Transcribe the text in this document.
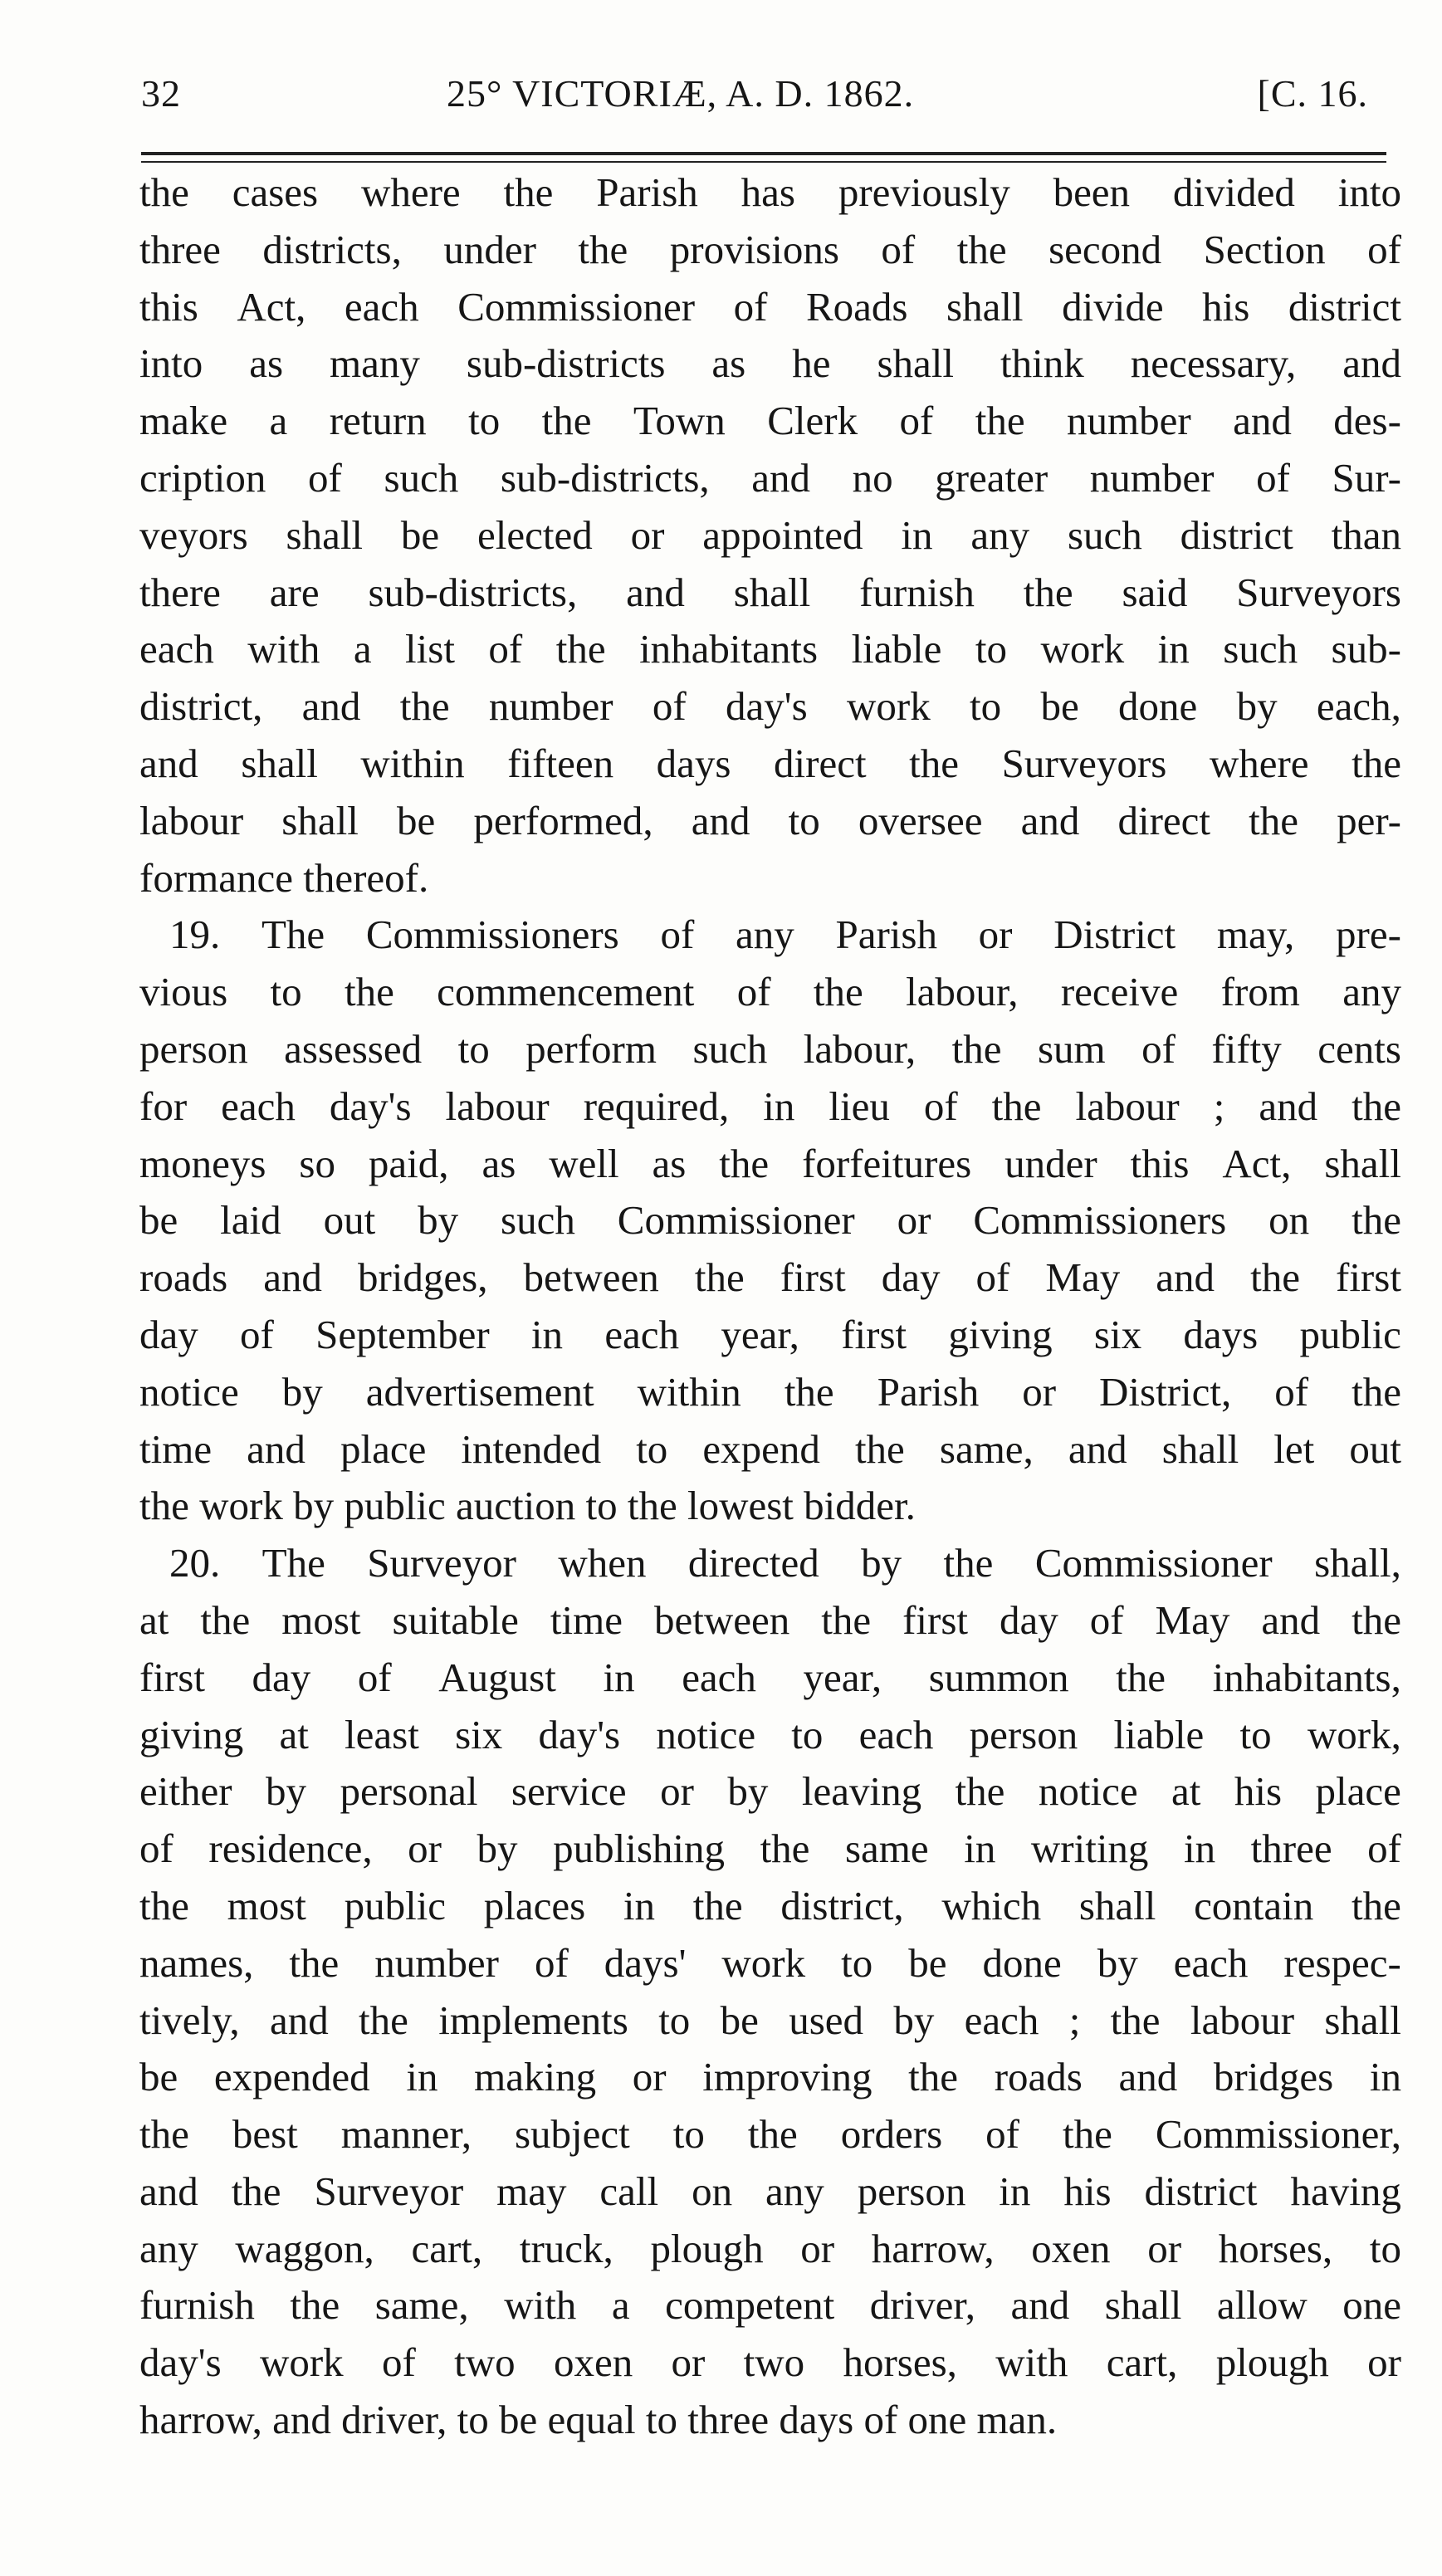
32	25° VICTORIÆ, A. D. 1862.	[C. 16.
the cases where the Parish has previously been divided into
three districts, under the provisions of the second Section of
this Act, each Commissioner of Roads shall divide his district
into as many sub-districts as he shall think necessary, and
make a return to the Town Clerk of the number and des-
cription of such sub-districts, and no greater number of Sur-
veyors shall be elected or appointed in any such district than
there are sub-districts, and shall furnish the said Surveyors
each with a list of the inhabitants liable to work in such sub-
district, and the number of day's work to be done by each,
and shall within fifteen days direct the Surveyors where the
labour shall be performed, and to oversee and direct the per-
formance thereof.
19. The Commissioners of any Parish or District may, pre-
vious to the commencement of the labour, receive from any
person assessed to perform such labour, the sum of fifty cents
for each day's labour required, in lieu of the labour ; and the
moneys so paid, as well as the forfeitures under this Act, shall
be laid out by such Commissioner or Commissioners on the
roads and bridges, between the first day of May and the first
day of September in each year, first giving six days public
notice by advertisement within the Parish or District, of the
time and place intended to expend the same, and shall let out
the work by public auction to the lowest bidder.
20. The Surveyor when directed by the Commissioner shall,
at the most suitable time between the first day of May and the
first day of August in each year, summon the inhabitants,
giving at least six day's notice to each person liable to work,
either by personal service or by leaving the notice at his place
of residence, or by publishing the same in writing in three of
the most public places in the district, which shall contain the
names, the number of days' work to be done by each respec-
tively, and the implements to be used by each ; the labour shall
be expended in making or improving the roads and bridges in
the best manner, subject to the orders of the Commissioner,
and the Surveyor may call on any person in his district having
any waggon, cart, truck, plough or harrow, oxen or horses, to
furnish the same, with a competent driver, and shall allow one
day's work of two oxen or two horses, with cart, plough or
harrow, and driver, to be equal to three days of one man.
